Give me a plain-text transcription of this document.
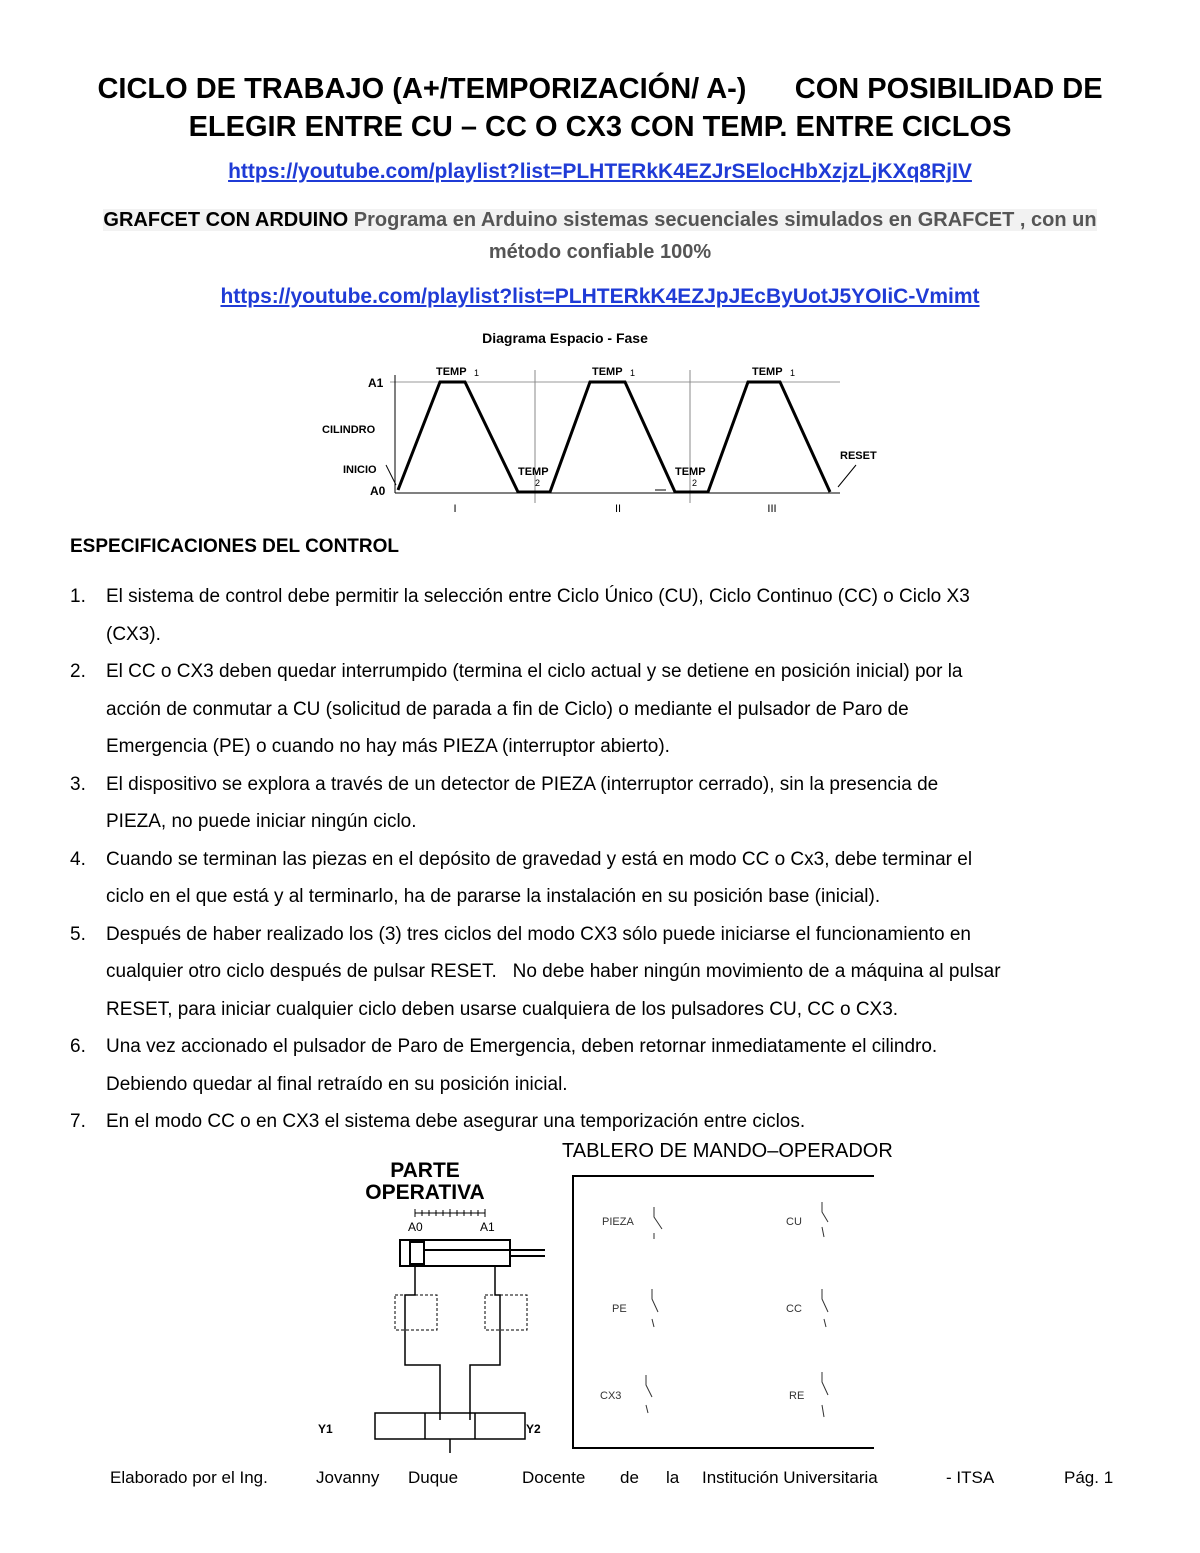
CICLO DE TRABAJO (A+/TEMPORIZACIÓN/ A-)      CON POSIBILIDAD DE
ELEGIR ENTRE CU – CC O CX3 CON TEMP. ENTRE CICLOS
https://youtube.com/playlist?list=PLHTERkK4EZJrSElocHbXzjzLjKXq8RjIV
GRAFCET CON ARDUINO Programa en Arduino sistemas secuenciales simulados en GRAFCET , con un
método confiable 100%
https://youtube.com/playlist?list=PLHTERkK4EZJpJEcByUotJ5YOIiC-Vmimt
Diagrama Espacio - Fase
A1
A0
CILINDRO
INICIO
TEMP 1	TEMP 1	TEMP 1
TEMP
2
TEMP
2
RESET
I	II	III
ESPECIFICACIONES DEL CONTROL
1. El sistema de control debe permitir la selección entre Ciclo Único (CU), Ciclo Continuo (CC) o Ciclo X3
(CX3).
2. El CC o CX3 deben quedar interrumpido (termina el ciclo actual y se detiene en posición inicial) por la
acción de conmutar a CU (solicitud de parada a fin de Ciclo) o mediante el pulsador de Paro de
Emergencia (PE) o cuando no hay más PIEZA (interruptor abierto).
3. El dispositivo se explora a través de un detector de PIEZA (interruptor cerrado), sin la presencia de
PIEZA, no puede iniciar ningún ciclo.
4. Cuando se terminan las piezas en el depósito de gravedad y está en modo CC o Cx3, debe terminar el
ciclo en el que está y al terminarlo, ha de pararse la instalación en su posición base (inicial).
5. Después de haber realizado los (3) tres ciclos del modo CX3 sólo puede iniciarse el funcionamiento en
cualquier otro ciclo después de pulsar RESET.   No debe haber ningún movimiento de a máquina al pulsar
RESET, para iniciar cualquier ciclo deben usarse cualquiera de los pulsadores CU, CC o CX3.
6. Una vez accionado el pulsador de Paro de Emergencia, deben retornar inmediatamente el cilindro.
Debiendo quedar al final retraído en su posición inicial.
7. En el modo CC o en CX3 el sistema debe asegurar una temporización entre ciclos.
PARTE
OPERATIVA
A0	A1
Y1	Y2
TABLERO DE MANDO–OPERADOR
PIEZA	CU
PE	CC
CX3	RE
Elaborado por el Ing.	Jovanny Duque	Docente de la Institución Universitaria	- ITSA	Pág. 1
